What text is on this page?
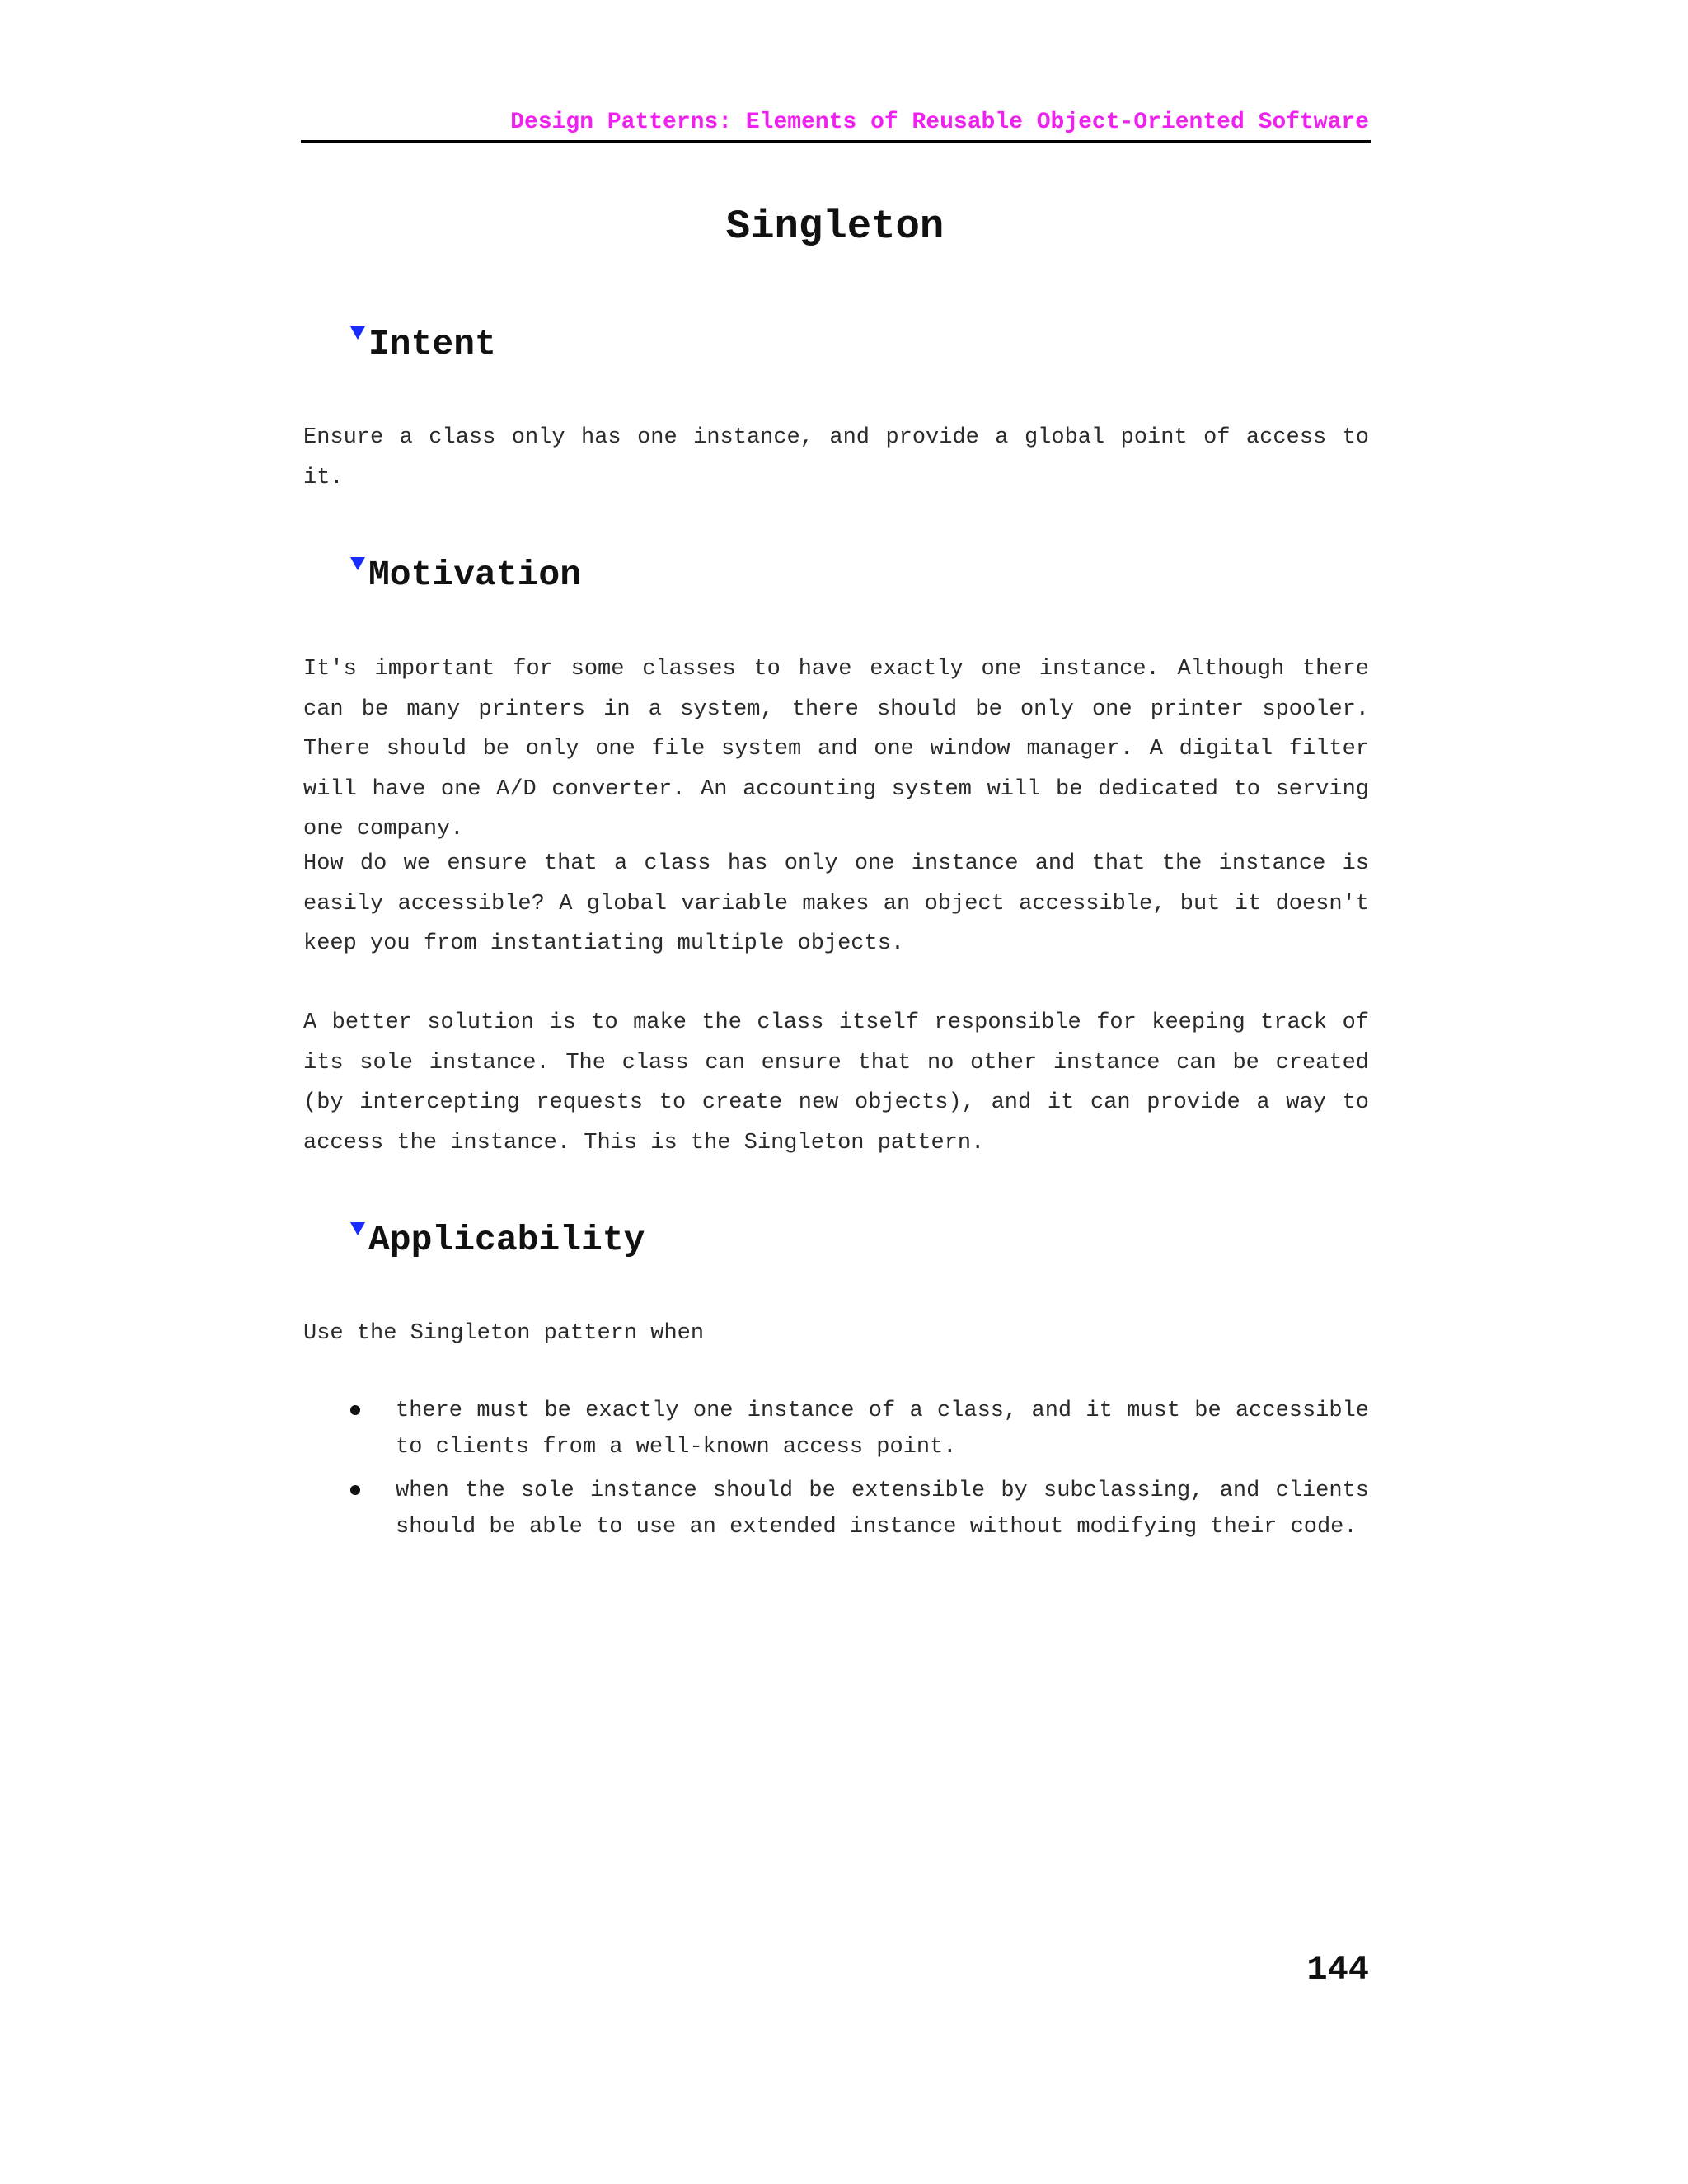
Design Patterns: Elements of Reusable Object-Oriented Software
Singleton
Intent

Ensure a class only has one instance, and provide a global point of access to it.

Motivation

It's important for some classes to have exactly one instance. Although there can be many printers in a system, there should be only one printer spooler. There should be only one file system and one window manager. A digital filter will have one A/D converter. An accounting system will be dedicated to serving one company.

How do we ensure that a class has only one instance and that the instance is easily accessible? A global variable makes an object accessible, but it doesn't keep you from instantiating multiple objects.

A better solution is to make the class itself responsible for keeping track of its sole instance. The class can ensure that no other instance can be created (by intercepting requests to create new objects), and it can provide a way to access the instance. This is the Singleton pattern.

Applicability

Use the Singleton pattern when

there must be exactly one instance of a class, and it must be accessible to clients from a well-known access point.
when the sole instance should be extensible by subclassing, and clients should be able to use an extended instance without modifying their code.
144
